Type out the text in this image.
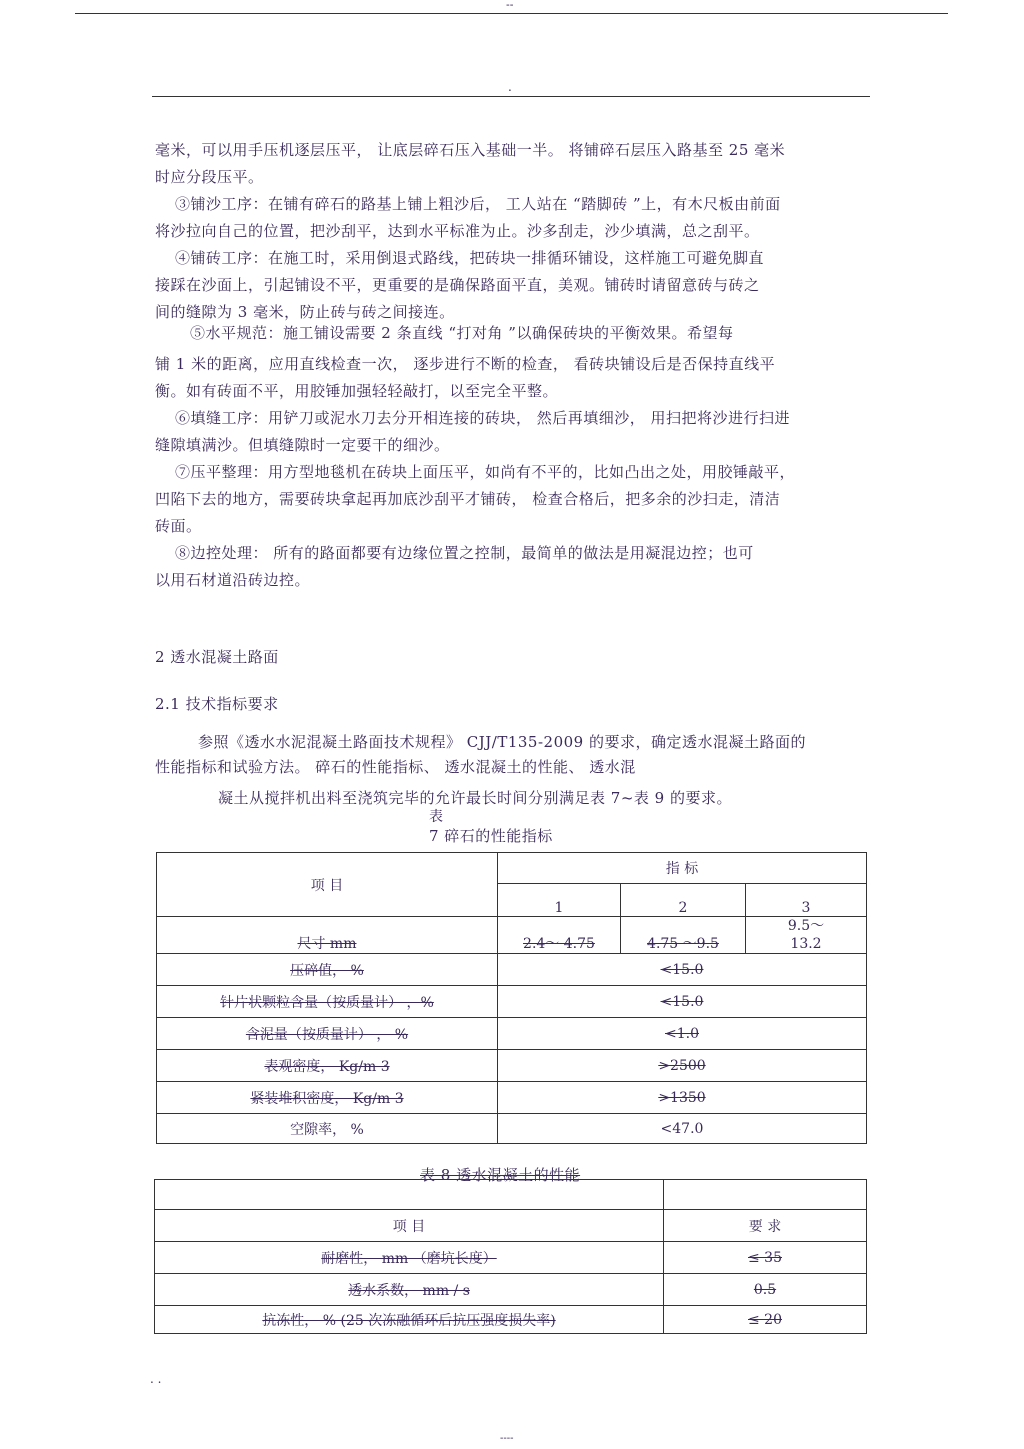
--
.
毫米，可以用手压机逐层压平， 让底层碎石压入基础一半。 将铺碎石层压入路基至 25 毫米
时应分段压平。
③铺沙工序：在铺有碎石的路基上铺上粗沙后， 工人站在 “踏脚砖 ”上，有木尺板由前面
将沙拉向自己的位置，把沙刮平，达到水平标准为止。沙多刮走，沙少填满，总之刮平。
④铺砖工序：在施工时，采用倒退式路线，把砖块一排循环铺设，这样施工可避免脚直
接踩在沙面上，引起铺设不平，更重要的是确保路面平直，美观。铺砖时请留意砖与砖之
间的缝隙为 3 毫米，防止砖与砖之间接连。
⑤水平规范：施工铺设需要 2 条直线 “打对角 ”以确保砖块的平衡效果。希望每
铺 1 米的距离，应用直线检查一次， 逐步进行不断的检查， 看砖块铺设后是否保持直线平
衡。如有砖面不平，用胶锤加强轻轻敲打，以至完全平整。
⑥填缝工序：用铲刀或泥水刀去分开相连接的砖块， 然后再填细沙， 用扫把将沙进行扫进
缝隙填满沙。但填缝隙时一定要干的细沙。
⑦压平整理：用方型地毯机在砖块上面压平，如尚有不平的，比如凸出之处，用胶锤敲平，
凹陷下去的地方，需要砖块拿起再加底沙刮平才铺砖， 检查合格后，把多余的沙扫走，清洁
砖面。
⑧边控处理： 所有的路面都要有边缘位置之控制，最简单的做法是用凝混边控；也可
以用石材道沿砖边控。
2 透水混凝土路面
2.1 技术指标要求
参照《透水水泥混凝土路面技术规程》 CJJ/T135-2009 的要求，确定透水混凝土路面的
性能指标和试验方法。 碎石的性能指标、 透水混凝土的性能、 透水混
凝土从搅拌机出料至浇筑完毕的允许最长时间分别满足表 7~表 9 的要求。
表
7 碎石的性能指标
项 目	指 标		
	1	2	3
尺寸 mm	2.4～ 4.75	4.75 ～9.5	9.5～
13.2
压碎值， %	<15.0		
针片状颗粒含量（按质量计） ，%	<15.0		
含泥量（按质量计） ， %	<1.0		
表观密度， Kg/m 3	>2500		
紧装堆积密度， Kg/m 3	>1350		
空隙率， %	<47.0		
表 8 透水混凝土的性能

项 目	要 求
耐磨性， mm （磨坑长度）	≤ 35
透水系数， mm / s	0.5
抗冻性， % (25 次冻融循环后抗压强度损失率)	≤ 20
. .
----
